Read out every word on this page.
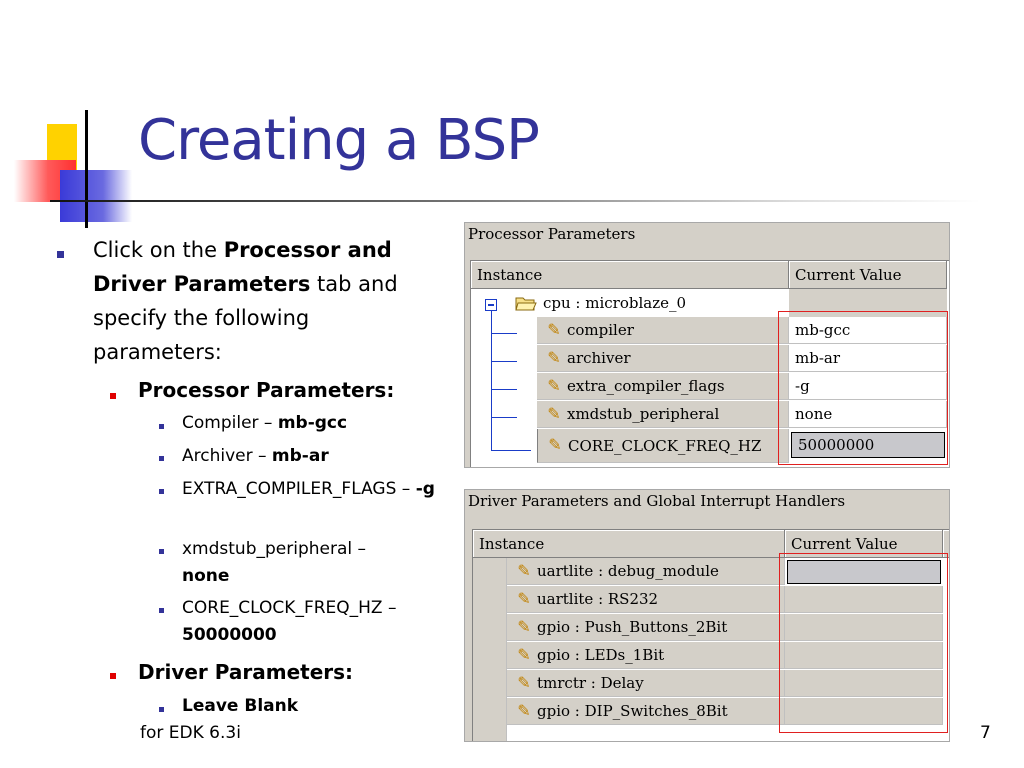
Creating a BSP
Click on the Processor and Driver Parameters tab and specify the following parameters:
Processor Parameters:
Compiler – mb-gcc
Archiver – mb-ar
EXTRA_COMPILER_FLAGS – -g
xmdstub_peripheral – none
CORE_CLOCK_FREQ_HZ – 50000000
Driver Parameters:
Leave Blank
for EDK 6.3i	7
Processor Parameters
Instance	Current Value
cpu : microblaze_0
✎ compiler	mb-gcc
✎ archiver	mb-ar
✎ extra_compiler_flags	-g
✎ xmdstub_peripheral	none
✎ CORE_CLOCK_FREQ_HZ	50000000
Driver Parameters and Global Interrupt Handlers
Instance	Current Value
✎ uartlite : debug_module
✎ uartlite : RS232
✎ gpio : Push_Buttons_2Bit
✎ gpio : LEDs_1Bit
✎ tmrctr : Delay
✎ gpio : DIP_Switches_8Bit
